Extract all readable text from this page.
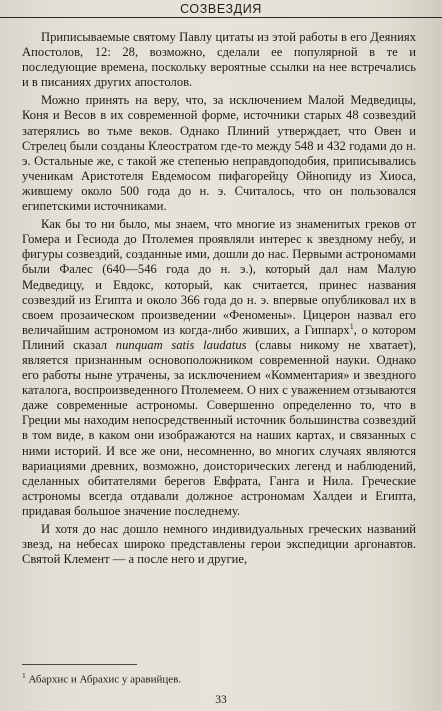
СОЗВЕЗДИЯ

Приписываемые святому Павлу цитаты из этой работы в его Деяниях Апостолов, 12: 28, возможно, сделали ее популярной в те и последующие времена, поскольку вероятные ссылки на нее встречались и в писаниях других апостолов.

Можно принять на веру, что, за исключением Малой Медведицы, Коня и Весов в их современной форме, источники старых 48 созвездий затерялись во тьме веков. Однако Плиний утверждает, что Овен и Стрелец были созданы Клеостратом где-то между 548 и 432 годами до н. э. Остальные же, с такой же степенью неправдоподобия, приписывались ученикам Аристотеля Евдемосом пифагорейцу Ойнопиду из Хиоса, жившему около 500 года до н. э. Считалось, что он пользовался египетскими источниками.

Как бы то ни было, мы знаем, что многие из знаменитых греков от Гомера и Гесиода до Птолемея проявляли интерес к звездному небу, и фигуры созвездий, созданные ими, дошли до нас. Первыми астрономами были Фалес (640—546 года до н. э.), который дал нам Малую Медведицу, и Евдокс, который, как считается, принес названия созвездий из Египта и около 366 года до н. э. впервые опубликовал их в своем прозаическом произведении «Феномены». Цицерон назвал его величайшим астрономом из когда-либо живших, а Гиппарх$^1$, о котором Плиний сказал nunquam satis laudatus (славы никому не хватает), является признанным основоположником современной науки. Однако его работы ныне утрачены, за исключением «Комментария» и звездного каталога, воспроизведенного Птолемеем. О них с уважением отзываются даже современные астрономы. Совершенно определенно то, что в Греции мы находим непосредственный источник большинства созвездий в том виде, в каком они изображаются на наших картах, и связанных с ними историй. И все же они, несомненно, во многих случаях являются вариациями древних, возможно, доисторических легенд и наблюдений, сделанных обитателями берегов Евфрата, Ганга и Нила. Греческие астрономы всегда отдавали должное астрономам Халдеи и Египта, придавая большое значение последнему.

И хотя до нас дошло немного индивидуальных греческих названий звезд, на небесах широко представлены герои экспедиции аргонавтов. Святой Клемент — а после него и другие,

$^1$ Абархис и Абрахис у аравийцев.
33
